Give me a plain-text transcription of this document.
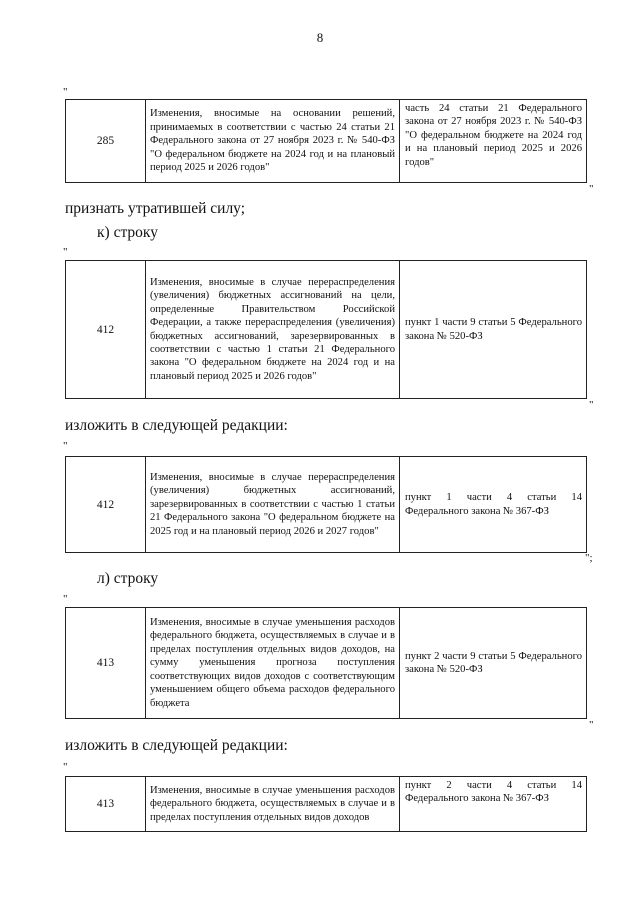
8
"
285	Изменения, вносимые на основании решений, принимаемых в соответствии с частью 24 статьи 21 Федерального закона от 27 ноября 2023 г. № 540-ФЗ "О федеральном бюджете на 2024 год и на плановый период 2025 и 2026 годов"	часть 24 статьи 21 Федерального закона от 27 ноября 2023 г. № 540-ФЗ "О федеральном бюджете на 2024 год и на плановый период 2025 и 2026 годов"
"
признать утратившей силу;
к) строку
"
412	Изменения, вносимые в случае перераспределения (увеличения) бюджетных ассигнований на цели, определенные Правительством Российской Федерации, а также перераспределения (увеличения) бюджетных ассигнований, зарезервированных в соответствии с частью 1 статьи 21 Федерального закона "О федеральном бюджете на 2024 год и на плановый период 2025 и 2026 годов"	пункт 1 части 9 статьи 5 Федерального закона № 520-ФЗ
"
изложить в следующей редакции:
"
412	Изменения, вносимые в случае перераспределения (увеличения) бюджетных ассигнований, зарезервированных в соответствии с частью 1 статьи 21 Федерального закона "О федеральном бюджете на 2025 год и на плановый период 2026 и 2027 годов"	пункт 1 части 4 статьи 14 Федерального закона № 367-ФЗ
";
л) строку
"
413	Изменения, вносимые в случае уменьшения расходов федерального бюджета, осуществляемых в случае и в пределах поступления отдельных видов доходов, на сумму уменьшения прогноза поступления соответствующих видов доходов с соответствующим уменьшением общего объема расходов федерального бюджета	пункт 2 части 9 статьи 5 Федерального закона № 520-ФЗ
"
изложить в следующей редакции:
"
413	Изменения, вносимые в случае уменьшения расходов федерального бюджета, осуществляемых в случае и в пределах поступления отдельных видов доходов	пункт 2 части 4 статьи 14 Федерального закона № 367-ФЗ
